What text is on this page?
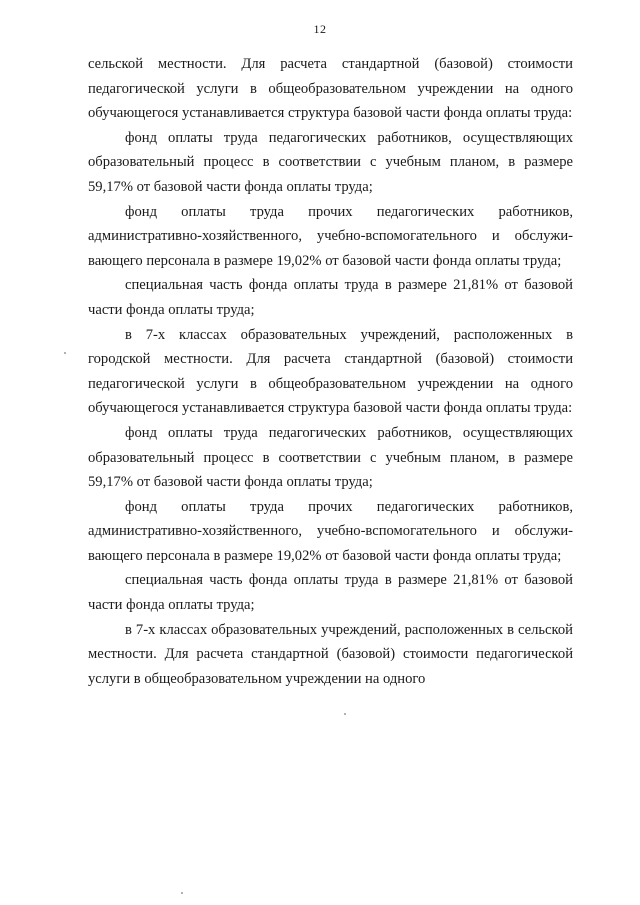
12

сельской местности. Для расчета стандартной (базовой) стоимости педагогической услуги в общеобразовательном учреждении на одного обучающегося устанавливается структура базовой части фонда оплаты труда:

фонд оплаты труда педагогических работников, осуществляющих образовательный процесс в соответствии с учебным планом, в размере 59,17% от базовой части фонда оплаты труда;

фонд оплаты труда прочих педагогических работников, административно-хозяйственного, учебно-вспомогательного и обслужи-вающего персонала в размере 19,02% от базовой части фонда оплаты труда;

специальная часть фонда оплаты труда в размере 21,81% от базовой части фонда оплаты труда;

в 7-х классах образовательных учреждений, расположенных в городской местности. Для расчета стандартной (базовой) стоимости педагогической услуги в общеобразовательном учреждении на одного обучающегося устанавливается структура базовой части фонда оплаты труда:

фонд оплаты труда педагогических работников, осуществляющих образовательный процесс в соответствии с учебным планом, в размере 59,17% от базовой части фонда оплаты труда;

фонд оплаты труда прочих педагогических работников, административно-хозяйственного, учебно-вспомогательного и обслужи-вающего персонала в размере 19,02% от базовой части фонда оплаты труда;

специальная часть фонда оплаты труда в размере 21,81% от базовой части фонда оплаты труда;

в 7-х классах образовательных учреждений, расположенных в сельской местности. Для расчета стандартной (базовой) стоимости педагогической услуги в общеобразовательном учреждении на одного
